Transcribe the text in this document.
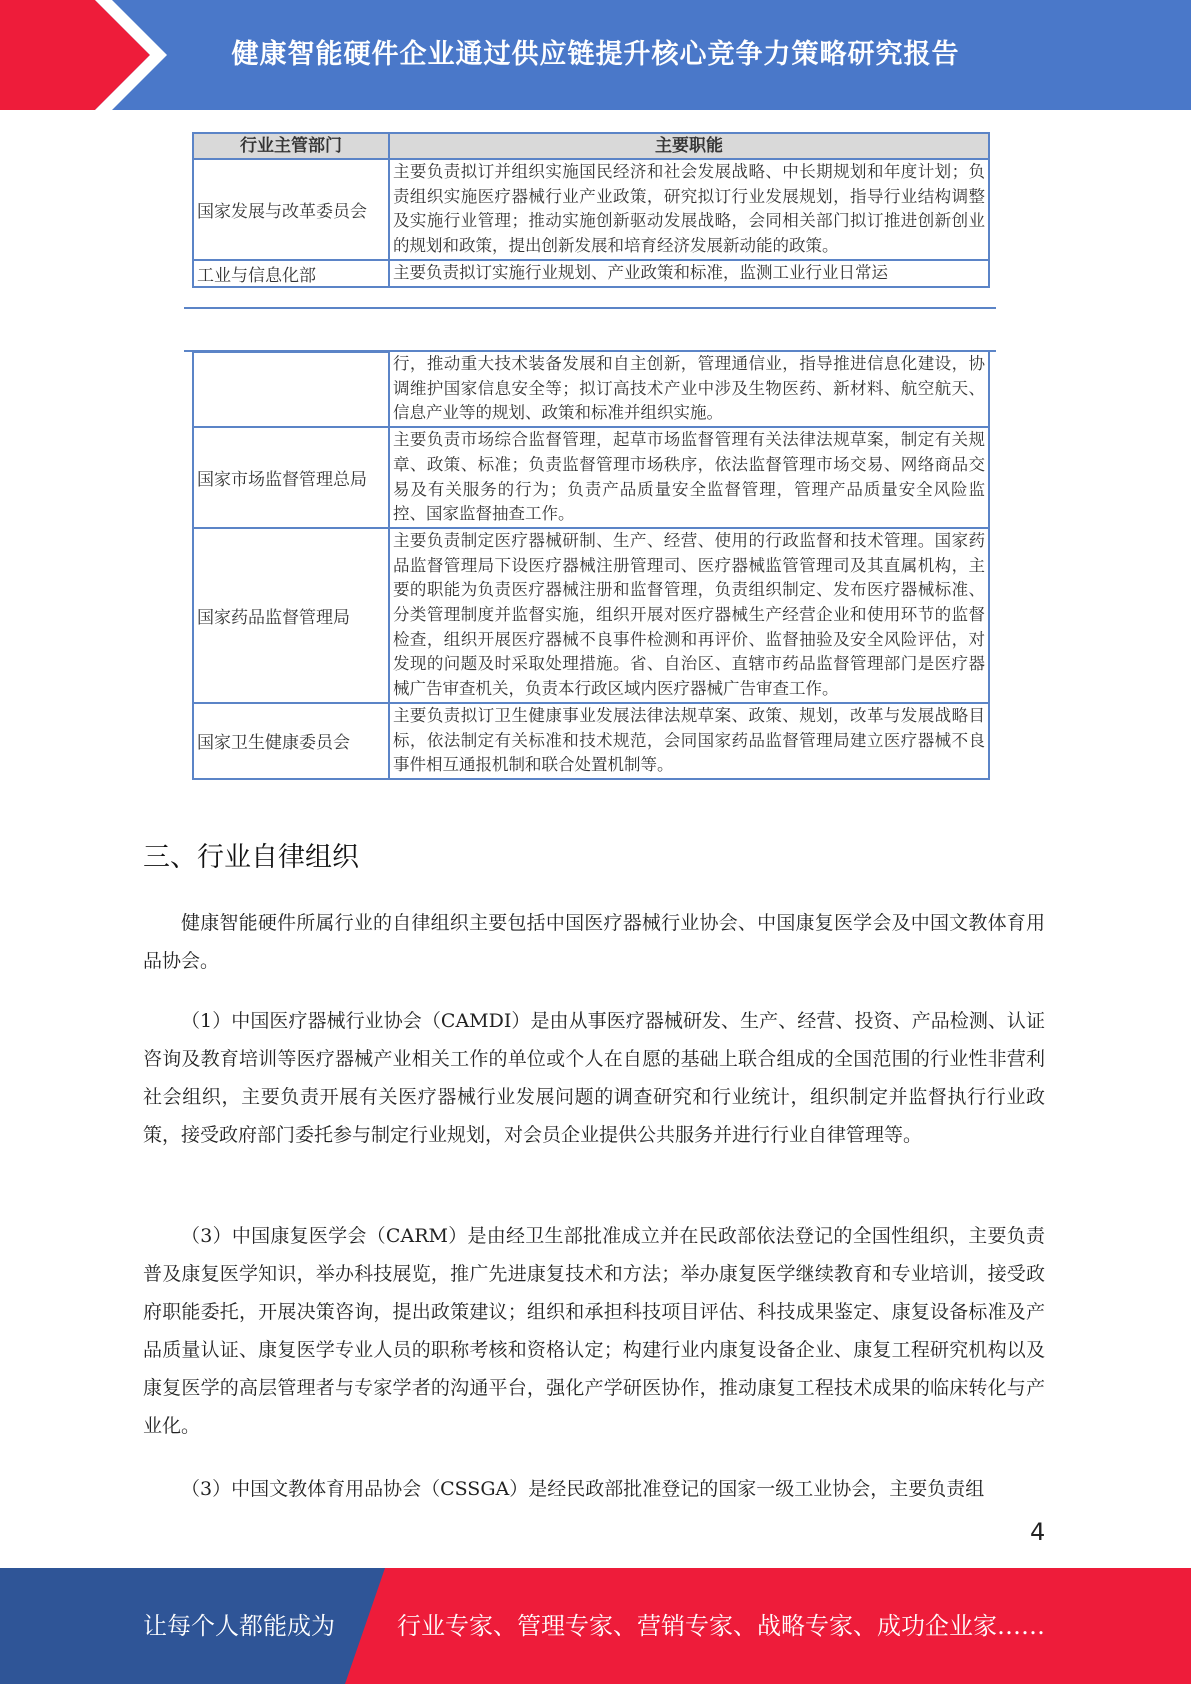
健康智能硬件企业通过供应链提升核心竞争力策略研究报告
行业主管部门	主要职能
国家发展与改革委员会	主要负责拟订并组织实施国民经济和社会发展战略、中长期规划和年度计划；负责组织实施医疗器械行业产业政策，研究拟订行业发展规划，指导行业结构调整及实施行业管理；推动实施创新驱动发展战略，会同相关部门拟订推进创新创业的规划和政策，提出创新发展和培育经济发展新动能的政策。
工业与信息化部	主要负责拟订实施行业规划、产业政策和标准，监测工业行业日常运
	行，推动重大技术装备发展和自主创新，管理通信业，指导推进信息化建设，协调维护国家信息安全等；拟订高技术产业中涉及生物医药、新材料、航空航天、信息产业等的规划、政策和标准并组织实施。
国家市场监督管理总局	主要负责市场综合监督管理，起草市场监督管理有关法律法规草案，制定有关规章、政策、标准；负责监督管理市场秩序，依法监督管理市场交易、网络商品交易及有关服务的行为；负责产品质量安全监督管理，管理产品质量安全风险监控、国家监督抽查工作。
国家药品监督管理局	主要负责制定医疗器械研制、生产、经营、使用的行政监督和技术管理。国家药品监督管理局下设医疗器械注册管理司、医疗器械监管管理司及其直属机构，主要的职能为负责医疗器械注册和监督管理，负责组织制定、发布医疗器械标准、分类管理制度并监督实施，组织开展对医疗器械生产经营企业和使用环节的监督检查，组织开展医疗器械不良事件检测和再评价、监督抽验及安全风险评估，对发现的问题及时采取处理措施。省、自治区、直辖市药品监督管理部门是医疗器械广告审查机关，负责本行政区域内医疗器械广告审查工作。
国家卫生健康委员会	主要负责拟订卫生健康事业发展法律法规草案、政策、规划，改革与发展战略目标，依法制定有关标准和技术规范，会同国家药品监督管理局建立医疗器械不良事件相互通报机制和联合处置机制等。
三、行业自律组织
健康智能硬件所属行业的自律组织主要包括中国医疗器械行业协会、中国康复医学会及中国文教体育用品协会。
（1）中国医疗器械行业协会（CAMDI）是由从事医疗器械研发、生产、经营、投资、产品检测、认证咨询及教育培训等医疗器械产业相关工作的单位或个人在自愿的基础上联合组成的全国范围的行业性非营利社会组织，主要负责开展有关医疗器械行业发展问题的调查研究和行业统计，组织制定并监督执行行业政策，接受政府部门委托参与制定行业规划，对会员企业提供公共服务并进行行业自律管理等。
（3）中国康复医学会（CARM）是由经卫生部批准成立并在民政部依法登记的全国性组织，主要负责普及康复医学知识，举办科技展览，推广先进康复技术和方法；举办康复医学继续教育和专业培训，接受政府职能委托，开展决策咨询，提出政策建议；组织和承担科技项目评估、科技成果鉴定、康复设备标准及产品质量认证、康复医学专业人员的职称考核和资格认定；构建行业内康复设备企业、康复工程研究机构以及康复医学的高层管理者与专家学者的沟通平台，强化产学研医协作，推动康复工程技术成果的临床转化与产业化。
（3）中国文教体育用品协会（CSSGA）是经民政部批准登记的国家一级工业协会，主要负责组
4
让每个人都能成为	行业专家、管理专家、营销专家、战略专家、成功企业家……
